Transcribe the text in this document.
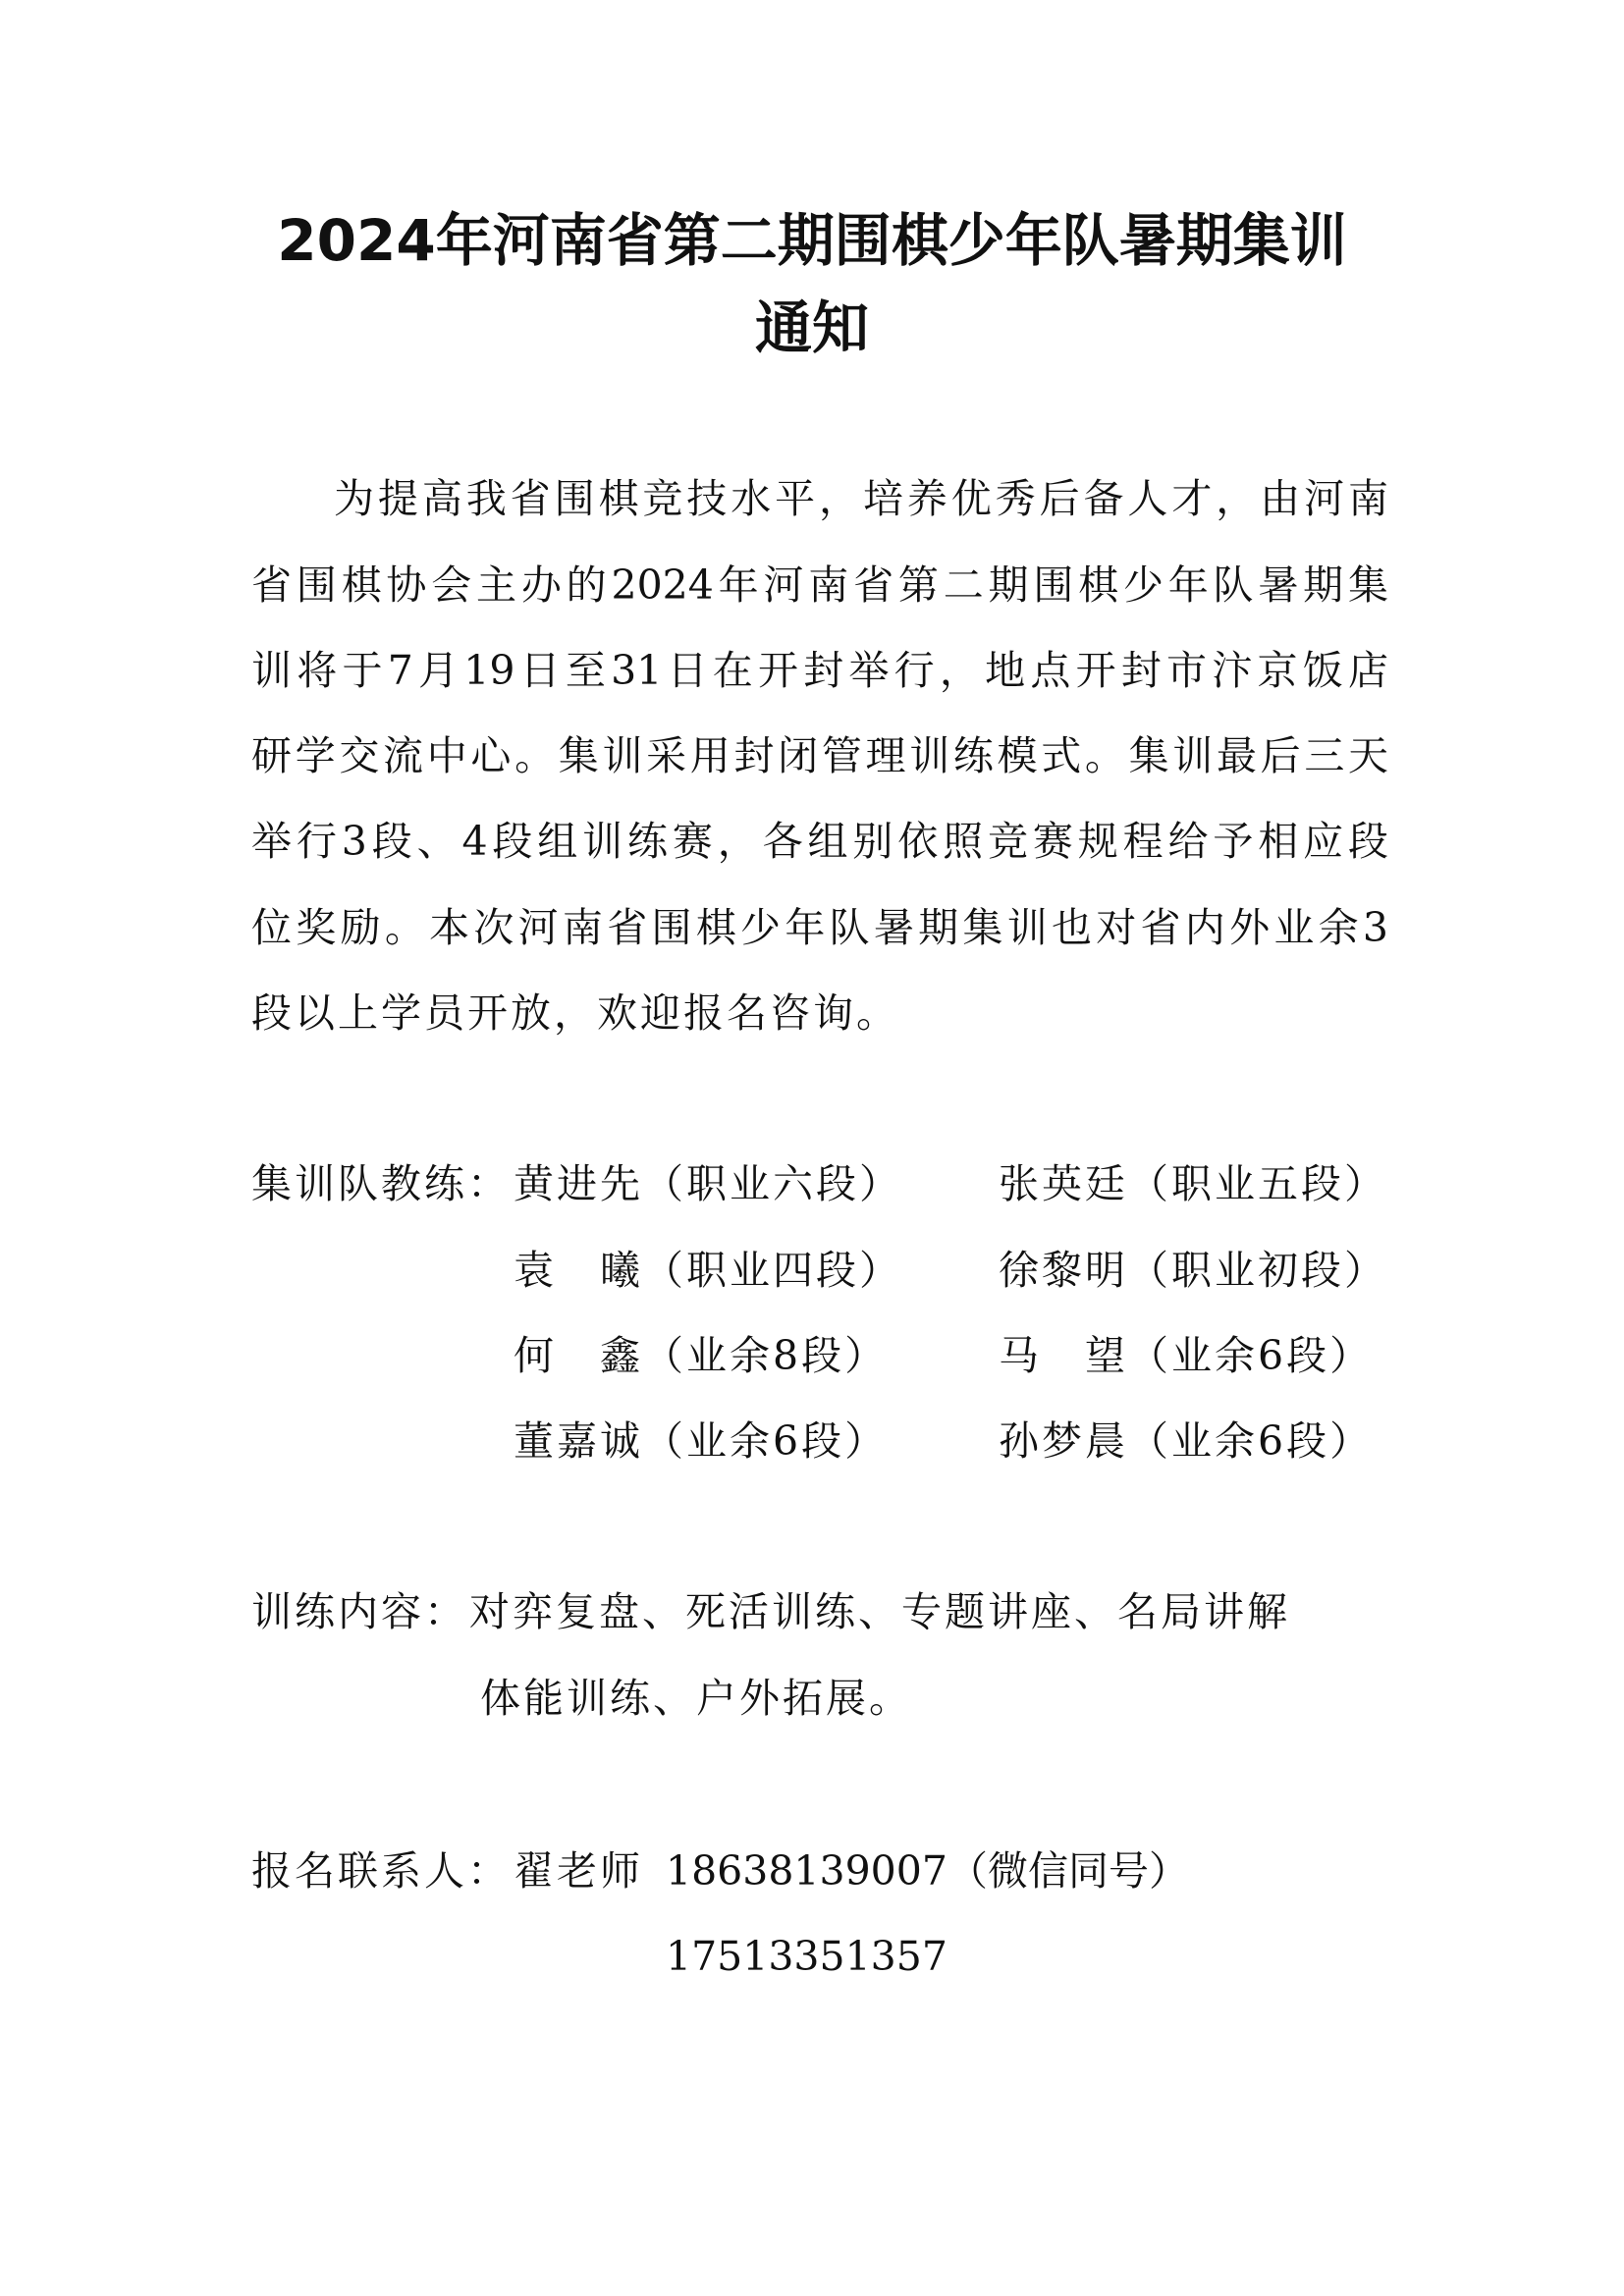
2024年河南省第二期围棋少年队暑期集训
通知
为提高我省围棋竞技水平，培养优秀后备人才，由河南
省围棋协会主办的2024年河南省第二期围棋少年队暑期集
训将于7月19日至31日在开封举行，地点开封市汴京饭店
研学交流中心。集训采用封闭管理训练模式。集训最后三天
举行3段、4段组训练赛，各组别依照竞赛规程给予相应段
位奖励。本次河南省围棋少年队暑期集训也对省内外业余3
段以上学员开放，欢迎报名咨询。
集训队教练： 黄进先（职业六段） 张英廷（职业五段）
袁　曦（职业四段） 徐黎明（职业初段）
何　鑫（业余8段）	马　望（业余6段）
董嘉诚（业余6段）	孙梦晨（业余6段）
训练内容： 对弈复盘、死活训练、专题讲座、名局讲解
体能训练、户外拓展。
报名联系人： 翟老师 18638139007（微信同号）
17513351357
